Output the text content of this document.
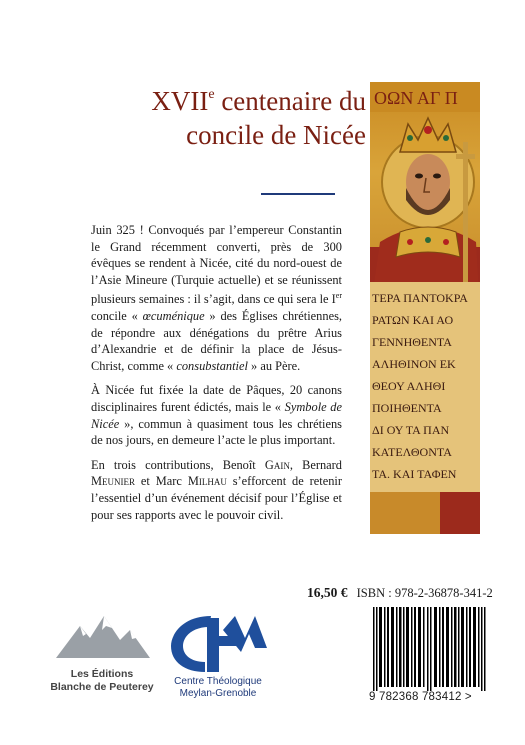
XVIIe centenaire du
concile de Nicée

Juin 325 ! Convoqués par l’empereur Constantin le Grand récemment converti, près de 300 évêques se rendent à Nicée, cité du nord-ouest de l’Asie Mineure (Turquie actuelle) et se réunissent plusieurs semaines : il s’agit, dans ce qui sera le Ier concile « œcuménique » des Églises chrétiennes, de répondre aux dénégations du prêtre Arius d’Alexandrie et de définir la place de Jésus-Christ, comme « consubstantiel » au Père.

À Nicée fut fixée la date de Pâques, 20 canons disciplinaires furent édictés, mais le « Symbole de Nicée », commun à quasiment tous les chrétiens de nos jours, en demeure l’acte le plus important.

En trois contributions, Benoît Gain, Bernard Meunier et Marc Milhau s’efforcent de retenir l’essentiel d’un événement décisif pour l’Église et pour ses rapports avec le pouvoir civil.

ΟΩΝ ΑΓ Π
ΤΕΡΑ ΠΑΝΤΟΚΡΑ
ΡΑΤΩΝ ΚΑΙ ΑΟ
ΓΕΝΝΗΘΕΝΤΑ
ΑΛΗΘΙΝΟΝ ΕΚ
ΘΕΟΥ ΑΛΗΘΙ
ΠΟΙΗΘΕΝΤΑ
ΔΙ ΟΥ ΤΑ ΠΑΝ
ΚΑΤΕΛΘΟΝΤΑ
ΤΑ. ΚΑΙ ΤΑΦΕΝ
16,50 € ISBN : 978-2-36878-341-2
9 782368 783412 >
Les Éditions
Blanche de Peuterey	Centre Théologique
Meylan-Grenoble
